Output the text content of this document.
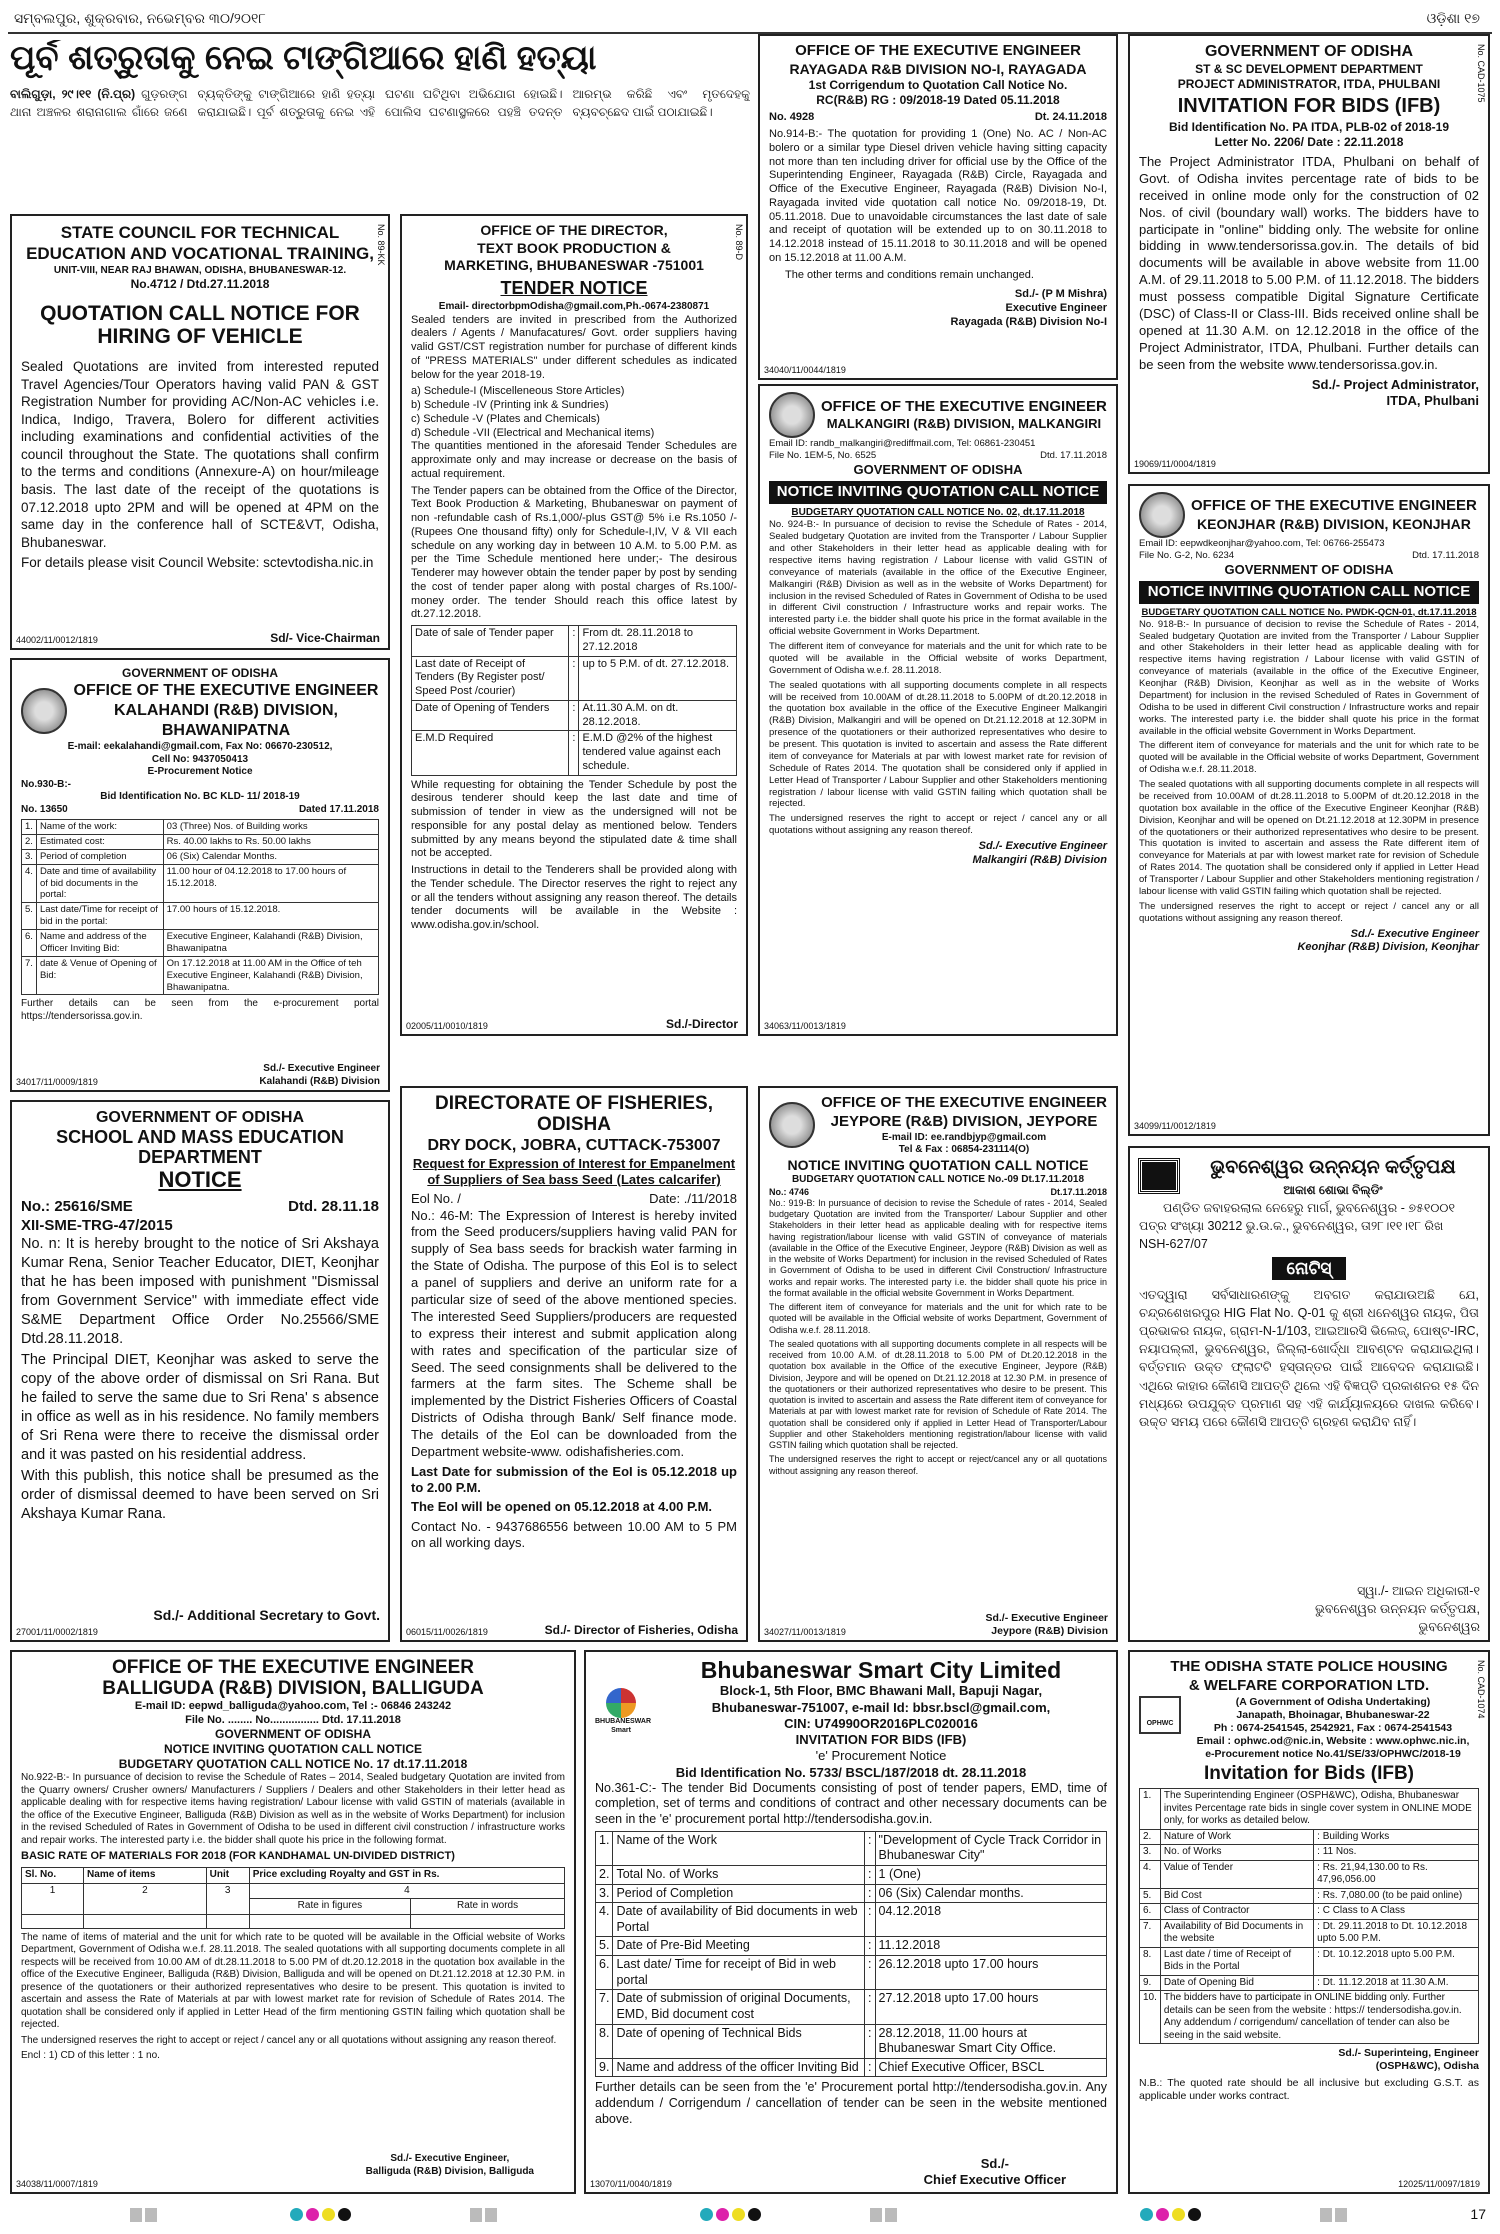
ସମ୍ବଲପୁର, ଶୁକ୍ରବାର, ନଭେମ୍ବର ୩୦/୨୦୧୮	ଓଡ଼ିଶା ୧୭
ପୂର୍ବ ଶତ୍ରୁତାକୁ ନେଇ ଟାଙ୍ଗିଆରେ ହାଣି ହତ୍ୟା
ବାଲିଗୁଡ଼ା, ୨୯।୧୧ (ନି.ପ୍ର) ଗୁଡ଼ରଙ୍ଗ ଥାନା ଅଞ୍ଚଳର ଶରାନାଗାଲ ଗାଁରେ ଜଣେ ବ୍ୟକ୍ତିଙ୍କୁ ଟାଙ୍ଗିଆରେ ହାଣି ହତ୍ୟା କରାଯାଇଛି। ପୂର୍ବ ଶତ୍ରୁତାକୁ ନେଇ ଏହି ଘଟଣା ଘଟିଥିବା ଅଭିଯୋଗ ହୋଇଛି। ପୋଲିସ ଘଟଣାସ୍ଥଳରେ ପହଞ୍ଚି ତଦନ୍ତ ଆରମ୍ଭ କରିଛି ଏବଂ ମୃତଦେହକୁ ବ୍ୟବଚ୍ଛେଦ ପାଇଁ ପଠାଯାଇଛି।
STATE COUNCIL FOR TECHNICAL
EDUCATION AND VOCATIONAL TRAINING,
UNIT-VIII, NEAR RAJ BHAWAN, ODISHA, BHUBANESWAR-12.
No.4712 / Dtd.27.11.2018
QUOTATION CALL NOTICE FOR HIRING OF VEHICLE

Sealed Quotations are invited from interested reputed Travel Agencies/Tour Operators having valid PAN & GST Registration Number for providing AC/Non-AC vehicles i.e. Indica, Indigo, Travera, Bolero for different activities including examinations and confidential activities of the council throughout the State. The quotations shall confirm to the terms and conditions (Annexure-A) on hour/mileage basis. The last date of the receipt of the quotations is 07.12.2018 upto 2PM and will be opened at 4PM on the same day in the conference hall of SCTE&VT, Odisha, Bhubaneswar.

For details please visit Council Website: sctevtodisha.nic.in

44002/11/0012/1819	Sd/- Vice-Chairman
No. 89-KK	OFFICE OF THE DIRECTOR,
TEXT BOOK PRODUCTION &
MARKETING, BHUBANESWAR -751001
TENDER NOTICE
Email- directorbpmOdisha@gmail.com,Ph.-0674-2380871

Sealed tenders are invited in prescribed from the Authorized dealers / Agents / Manufacatures/ Govt. order suppliers having valid GST/CST registration number for purchase of different kinds of "PRESS MATERIALS" under different schedules as indicated below for the year 2018-19.

a) Schedule-I (Miscelleneous Store Articles)
b) Schedule -IV (Printing ink & Sundries)
c) Schedule -V (Plates and Chemicals)
d) Schedule -VII (Electrical and Mechanical items)

The quantities mentioned in the aforesaid Tender Schedules are approximate only and may increase or decrease on the basis of actual requirement.

The Tender papers can be obtained from the Office of the Director, Text Book Production & Marketing, Bhubaneswar on payment of non -refundable cash of Rs.1,000/-plus GST@ 5% i.e Rs.1050 /- (Rupees One thousand fifty) only for Schedule-I,IV, V & VII each schedule on any working day in between 10 A.M. to 5.00 P.M. as per the Time Schedule mentioned here under;- The desirous Tenderer may however obtain the tender paper by post by sending the cost of tender paper along with postal charges of Rs.100/- money order. The tender Should reach this office latest by dt.27.12.2018.

Date of sale of Tender paper	:	From dt. 28.11.2018 to 27.12.2018
Last date of Receipt of Tenders (By Register post/ Speed Post /courier)	:	up to 5 P.M. of dt. 27.12.2018.
Date of Opening of Tenders	:	At.11.30 A.M. on dt. 28.12.2018.
E.M.D Required	:	E.M.D @2% of the highest tendered value against each schedule.

While requesting for obtaining the Tender Schedule by post the desirous tenderer should keep the last date and time of submission of tender in view as the undersigned will not be responsible for any postal delay as mentioned below. Tenders submitted by any means beyond the stipulated date & time shall not be accepted.

Instructions in detail to the Tenderers shall be provided along with the Tender schedule. The Director reserves the right to reject any or all the tenders without assigning any reason thereof. The details tender documents will be available in the Website : www.odisha.gov.in/school.

02005/11/0010/1819	Sd./-Director
No. 89-D
OFFICE OF THE EXECUTIVE ENGINEER
RAYAGADA R&B DIVISION NO-I, RAYAGADA
1st Corrigendum to Quotation Call Notice No.
RC(R&B) RG : 09/2018-19 Dated 05.11.2018
No. 4928	Dt. 24.11.2018

No.914-B:- The quotation for providing 1 (One) No. AC / Non-AC bolero or a similar type Diesel driven vehicle having sitting capacity not more than ten including driver for official use by the Office of the Superintending Engineer, Rayagada (R&B) Circle, Rayagada and Office of the Executive Engineer, Rayagada (R&B) Division No-I, Rayagada invited vide quotation call notice No. 09/2018-19, Dt. 05.11.2018. Due to unavoidable circumstances the last date of sale and receipt of quotation will be extended up to on 30.11.2018 to 14.12.2018 instead of 15.11.2018 to 30.11.2018 and will be opened on 15.12.2018 at 11.00 A.M.

The other terms and conditions remain unchanged.

Sd./- (P M Mishra)
Executive Engineer
Rayagada (R&B) Division No-I
34040/11/0044/1819
GOVERNMENT OF ODISHA
ST & SC DEVELOPMENT DEPARTMENT
PROJECT ADMINISTRATOR, ITDA, PHULBANI
INVITATION FOR BIDS (IFB)
Bid Identification No. PA ITDA, PLB-02 of 2018-19
Letter No. 2206/ Date : 22.11.2018

The Project Administrator ITDA, Phulbani on behalf of Govt. of Odisha invites percentage rate of bids to be received in online mode only for the construction of 02 Nos. of civil (boundary wall) works. The bidders have to participate in "online" bidding only. The website for online bidding in www.tendersorissa.gov.in. The details of bid documents will be available in above website from 11.00 A.M. of 29.11.2018 to 5.00 P.M. of 11.12.2018. The bidders must possess compatible Digital Signature Certificate (DSC) of Class-II or Class-III. Bids received online shall be opened at 11.30 A.M. on 12.12.2018 in the office of the Project Administrator, ITDA, Phulbani. Further details can be seen from the website www.tendersorissa.gov.in.

Sd./- Project Administrator,
ITDA, Phulbani
19069/11/0004/1819
No. CAD-1075
OFFICE OF THE EXECUTIVE ENGINEER
MALKANGIRI (R&B) DIVISION, MALKANGIRI
Email ID: randb_malkangiri@rediffmail.com, Tel: 06861-230451
File No. 1EM-5, No. 6525	Dtd. 17.11.2018
GOVERNMENT OF ODISHA
NOTICE INVITING QUOTATION CALL NOTICE
BUDGETARY QUOTATION CALL NOTICE No. 02, dt.17.11.2018

No. 924-B:- In pursuance of decision to revise the Schedule of Rates - 2014, Sealed budgetary Quotation are invited from the Transporter / Labour Supplier and other Stakeholders in their letter head as applicable dealing with for respective items having registration / Labour license with valid GSTIN of conveyance of materials (available in the office of the Executive Engineer, Malkangiri (R&B) Division as well as in the website of Works Department) for inclusion in the revised Scheduled of Rates in Government of Odisha to be used in different Civil construction / Infrastructure works and repair works. The interested party i.e. the bidder shall quote his price in the format available in the official website Government in Works Department.

The different item of conveyance for materials and the unit for which rate to be quoted will be available in the Official website of works Department, Government of Odisha w.e.f. 28.11.2018.

The sealed quotations with all supporting documents complete in all respects will be received from 10.00AM of dt.28.11.2018 to 5.00PM of dt.20.12.2018 in the quotation box available in the office of the Executive Engineer Malkangiri (R&B) Division, Malkangiri and will be opened on Dt.21.12.2018 at 12.30PM in presence of the quotationers or their authorized representatives who desire to be present. This quotation is invited to ascertain and assess the Rate different item of conveyance for Materials at par with lowest market rate for revision of Schedule of Rates 2014. The quotation shall be considered only if applied in Letter Head of Transporter / Labour Supplier and other Stakeholders mentioning registration / labour license with valid GSTIN failing which quotation shall be rejected.

The undersigned reserves the right to accept or reject / cancel any or all quotations without assigning any reason thereof.

Sd./- Executive Engineer
Malkangiri (R&B) Division
34063/11/0013/1819
OFFICE OF THE EXECUTIVE ENGINEER
KEONJHAR (R&B) DIVISION, KEONJHAR
Email ID: eepwdkeonjhar@yahoo.com, Tel: 06766-255473
File No. G-2, No. 6234	Dtd. 17.11.2018
GOVERNMENT OF ODISHA
NOTICE INVITING QUOTATION CALL NOTICE
BUDGETARY QUOTATION CALL NOTICE No. PWDK-QCN-01, dt.17.11.2018

No. 918-B:- In pursuance of decision to revise the Schedule of Rates - 2014, Sealed budgetary Quotation are invited from the Transporter / Labour Supplier and other Stakeholders in their letter head as applicable dealing with for respective items having registration / Labour license with valid GSTIN of conveyance of materials (available in the office of the Executive Engineer, Keonjhar (R&B) Division, Keonjhar as well as in the website of Works Department) for inclusion in the revised Scheduled of Rates in Government of Odisha to be used in different Civil construction / Infrastructure works and repair works. The interested party i.e. the bidder shall quote his price in the format available in the official website Government in Works Department.

The different item of conveyance for materials and the unit for which rate to be quoted will be available in the Official website of works Department, Government of Odisha w.e.f. 28.11.2018.

The sealed quotations with all supporting documents complete in all respects will be received from 10.00AM of dt.28.11.2018 to 5.00PM of dt.20.12.2018 in the quotation box available in the office of the Executive Engineer Keonjhar (R&B) Division, Keonjhar and will be opened on Dt.21.12.2018 at 12.30PM in presence of the quotationers or their authorized representatives who desire to be present. This quotation is invited to ascertain and assess the Rate different item of conveyance for Materials at par with lowest market rate for revision of Schedule of Rates 2014. The quotation shall be considered only if applied in Letter Head of Transporter / Labour Supplier and other Stakeholders mentioning registration / labour license with valid GSTIN failing which quotation shall be rejected.

The undersigned reserves the right to accept or reject / cancel any or all quotations without assigning any reason thereof.

Sd./- Executive Engineer
Keonjhar (R&B) Division, Keonjhar
34099/11/0012/1819
GOVERNMENT OF ODISHA
OFFICE OF THE EXECUTIVE ENGINEER
KALAHANDI (R&B) DIVISION,
BHAWANIPATNA
E-mail: eekalahandi@gmail.com, Fax No: 06670-230512,
Cell No: 9437050413
E-Procurement Notice
No.930-B:-
Bid Identification No. BC KLD- 11/ 2018-19
No. 13650	Dated 17.11.2018
1.	Name of the work:	03 (Three) Nos. of Building works
2.	Estimated cost:	Rs. 40.00 lakhs to Rs. 50.00 lakhs
3.	Period of completion	06 (Six) Calendar Months.
4.	Date and time of availability of bid documents in the portal:	11.00 hour of 04.12.2018 to 17.00 hours of 15.12.2018.
5.	Last date/Time for receipt of bid in the portal:	17.00 hours of 15.12.2018.
6.	Name and address of the Officer Inviting Bid:	Executive Engineer, Kalahandi (R&B) Division, Bhawanipatna
7.	date & Venue of Opening of Bid:	On 17.12.2018 at 11.00 AM in the Office of teh Executive Engineer, Kalahandi (R&B) Division, Bhawanipatna.

Further details can be seen from the e-procurement portal https://tendersorissa.gov.in.

Sd./- Executive Engineer
Kalahandi (R&B) Division
34017/11/0009/1819
GOVERNMENT OF ODISHA
SCHOOL AND MASS EDUCATION DEPARTMENT
NOTICE
No.: 25616/SME	Dtd. 28.11.18
XII-SME-TRG-47/2015

No. n: It is hereby brought to the notice of Sri Akshaya Kumar Rena, Senior Teacher Educator, DIET, Keonjhar that he has been imposed with punishment "Dismissal from Government Service" with immediate effect vide S&ME Department Office Order No.25566/SME Dtd.28.11.2018.

The Principal DIET, Keonjhar was asked to serve the copy of the above order of dismissal on Sri Rana. But he failed to serve the same due to Sri Rena' s absence in office as well as in his residence. No family members of Sri Rena were there to receive the dismissal order and it was pasted on his residential address.

With this publish, this notice shall be presumed as the order of dismissal deemed to have been served on Sri Akshaya Kumar Rana.

Sd./- Additional Secretary to Govt.
27001/11/0002/1819
DIRECTORATE OF FISHERIES, ODISHA
DRY DOCK, JOBRA, CUTTACK-753007
Request for Expression of Interest for Empanelment
of Suppliers of Sea bass Seed (Lates calcarifer)
Eol No. /	Date: ./11/2018

No.: 46-M: The Expression of Interest is hereby invited from the Seed producers/suppliers having valid PAN for supply of Sea bass seeds for brackish water farming in the State of Odisha. The purpose of this EoI is to select a panel of suppliers and derive an uniform rate for a particular size of seed of the above mentioned species. The interested Seed Suppliers/producers are requested to express their interest and submit application along with rates and specification of the particular size of Seed. The seed consignments shall be delivered to the farmers at the farm sites. The Scheme shall be implemented by the District Fisheries Officers of Coastal Districts of Odisha through Bank/ Self finance mode. The details of the EoI can be downloaded from the Department website-www. odishafisheries.com.

Last Date for submission of the EoI is 05.12.2018 up to 2.00 P.M.

The EoI will be opened on 05.12.2018 at 4.00 P.M.

Contact No. - 9437686556 between 10.00 AM to 5 PM on all working days.

Sd./- Director of Fisheries, Odisha
06015/11/0026/1819
OFFICE OF THE EXECUTIVE ENGINEER
JEYPORE (R&B) DIVISION, JEYPORE
E-mail ID: ee.randbjyp@gmail.com
Tel & Fax : 06854-231114(O)
NOTICE INVITING QUOTATION CALL NOTICE
BUDGETARY QUOTATION CALL NOTICE No.-09 Dt.17.11.2018
No.: 4746	Dt.17.11.2018

No.: 919-B: In pursuance of decision to revise the Schedule of rates - 2014, Sealed budgetary Quotation are invited from the Transporter/ Labour Supplier and other Stakeholders in their letter head as applicable dealing with for respective items having registration/labour license with valid GSTIN of conveyance of materials (available in the Office of the Executive Engineer, Jeypore (R&B) Division as well as in the website of Works Department) for inclusion in the revised Scheduled of Rates in Government of Odisha to be used in different Civil Construction/ Infrastructure works and repair works. The interested party i.e. the bidder shall quote his price in the format available in the official website Government in Works Department.

The different item of conveyance for materials and the unit for which rate to be quoted will be available in the Official website of works Department, Government of Odisha w.e.f. 28.11.2018.

The sealed quotations with all supporting documents complete in all respects will be received from 10.00 A.M. of dt.28.11.2018 to 5.00 PM of Dt.20.12.2018 in the quotation box available in the Office of the executive Engineer, Jeypore (R&B) Division, Jeypore and will be opened on Dt.21.12.2018 at 12.30 P.M. in presence of the quotationers or their authorized representatives who desire to be present. This quotation is invited to ascertain and assess the Rate different item of conveyance for Materials at par with lowest market rate for revision of Schedule of Rate 2014. The quotation shall be considered only if applied in Letter Head of Transporter/Labour Supplier and other Stakeholders mentioning registration/labour license with valid GSTIN failing which quotation shall be rejected.

The undersigned reserves the right to accept or reject/cancel any or all quotations without assigning any reason thereof.

Sd./- Executive Engineer
Jeypore (R&B) Division
34027/11/0013/1819
ଭୁବନେଶ୍ୱର ଉନ୍ନୟନ କର୍ତ୍ତୃପକ୍ଷ
ଆକାଶ ଶୋଭା ବିଲ୍ଡିଂ
ପଣ୍ଡିତ ଜବାହରଲାଲ ନେହେରୁ ମାର୍ଗ, ଭୁବନେଶ୍ୱର - ୭୫୧୦୦୧
ପତ୍ର ସଂଖ୍ୟା 30212 ଭୁ.ଉ.କ., ଭୁବନେଶ୍ୱର, ତା୨୮।୧୧।୧୮ ରିଖ
NSH-627/07
ନୋଟିସ୍

ଏତଦ୍ୱାରା ସର୍ବସାଧାରଣଙ୍କୁ ଅବଗତ କରାଯାଉଅଛି ଯେ, ଚନ୍ଦ୍ରଶେଖରପୁର HIG Flat No. Q-01 କୁ ଶ୍ରୀ ଧନେଶ୍ୱର ନାୟକ, ପିତା ପ୍ରଭାକର ନାୟକ, ଗ୍ରାମ-N-1/103, ଆଇଆରସି ଭିଲେଜ୍, ପୋଷ୍ଟ-IRC, ନୟାପଲ୍ଲୀ, ଭୁବନେଶ୍ୱର, ଜିଲ୍ଲା-ଖୋର୍ଦ୍ଧା ଆବଣ୍ଟନ କରାଯାଇଥିଲା। ବର୍ତ୍ତମାନ ଉକ୍ତ ଫ୍ଲାଟଟି ହସ୍ତାନ୍ତର ପାଇଁ ଆବେଦନ କରାଯାଇଛି। ଏଥିରେ କାହାର କୌଣସି ଆପତ୍ତି ଥିଲେ ଏହି ବିଜ୍ଞପ୍ତି ପ୍ରକାଶନର ୧୫ ଦିନ ମଧ୍ୟରେ ଉପଯୁକ୍ତ ପ୍ରମାଣ ସହ ଏହି କାର୍ଯ୍ୟାଳୟରେ ଦାଖଲ କରିବେ। ଉକ୍ତ ସମୟ ପରେ କୌଣସି ଆପତ୍ତି ଗ୍ରହଣ କରାଯିବ ନାହିଁ।

ସ୍ୱା./- ଆଇନ ଅଧିକାରୀ-୧
ଭୁବନେଶ୍ୱର ଉନ୍ନୟନ କର୍ତ୍ତୃପକ୍ଷ,
ଭୁବନେଶ୍ୱର
OFFICE OF THE EXECUTIVE ENGINEER
BALLIGUDA (R&B) DIVISION, BALLIGUDA
E-mail ID: eepwd_balliguda@yahoo.com, Tel :- 06846 243242
File No. ........ No................ Dtd. 17.11.2018
GOVERNMENT OF ODISHA
NOTICE INVITING QUOTATION CALL NOTICE
BUDGETARY QUOTATION CALL NOTICE No. 17 dt.17.11.2018

No.922-B:- In pursuance of decision to revise the Schedule of Rates – 2014, Sealed budgetary Quotation are invited from the Quarry owners/ Crusher owners/ Manufacturers / Suppliers / Dealers and other Stakeholders in their letter head as applicable dealing with for respective items having registration/ Labour license with valid GSTIN of materials (available in the office of the Executive Engineer, Balliguda (R&B) Division as well as in the website of Works Department) for inclusion in the revised Scheduled of Rates in Government of Odisha to be used in different civil construction / infrastructure works and repair works. The interested party i.e. the bidder shall quote his price in the following format.

BASIC RATE OF MATERIALS FOR 2018 (FOR KANDHAMAL UN-DIVIDED DISTRICT)
Sl. No.	Name of items	Unit	Price excluding Royalty and GST in Rs.	
1	2	3	4	
			Rate in figures	Rate in words

The name of items of material and the unit for which rate to be quoted will be available in the Official website of Works Department, Government of Odisha w.e.f. 28.11.2018. The sealed quotations with all supporting documents complete in all respects will be received from 10.00 AM of dt.28.11.2018 to 5.00 PM of dt.20.12.2018 in the quotation box available in the office of the Executive Engineer, Balliguda (R&B) Division, Balliguda and will be opened on Dt.21.12.2018 at 12.30 P.M. in presence of the quotationers or their authorized representatives who desire to be present. This quotation is invited to ascertain and assess the Rate of Materials at par with lowest market rate for revision of Schedule of Rates 2014. The quotation shall be considered only if applied in Letter Head of the firm mentioning GSTIN failing which quotation shall be rejected.

The undersigned reserves the right to accept or reject / cancel any or all quotations without assigning any reason thereof.

Encl : 1) CD of this letter : 1 no.
Sd./- Executive Engineer,
Balliguda (R&B) Division, Balliguda
34038/11/0007/1819
BHUBANESWAR Smart
Bhubaneswar Smart City Limited
Block-1, 5th Floor, BMC Bhawani Mall, Bapuji Nagar,
Bhubaneswar-751007, e-mail Id: bbsr.bscl@gmail.com,
CIN: U74990OR2016PLC020016
INVITATION FOR BIDS (IFB)
'e' Procurement Notice
Bid Identification No. 5733/ BSCL/187/2018 dt. 28.11.2018

No.361-C:- The tender Bid Documents consisting of post of tender papers, EMD, time of completion, set of terms and conditions of contract and other necessary documents can be seen in the 'e' procurement portal http://tendersodisha.gov.in.

1.	Name of the Work	:	"Development of Cycle Track Corridor in Bhubaneswar City"
2.	Total No. of Works	:	1 (One)
3.	Period of Completion	:	06 (Six) Calendar months.
4.	Date of availability of Bid documents in web Portal	:	04.12.2018
5.	Date of Pre-Bid Meeting	:	11.12.2018
6.	Last date/ Time for receipt of Bid in web portal	:	26.12.2018 upto 17.00 hours
7.	Date of submission of original Documents, EMD, Bid document cost	:	27.12.2018 upto 17.00 hours
8.	Date of opening of Technical Bids	:	28.12.2018, 11.00 hours at Bhubaneswar Smart City Office.
9.	Name and address of the officer Inviting Bid	:	Chief Executive Officer, BSCL

Further details can be seen from the 'e' Procurement portal http://tendersodisha.gov.in. Any addendum / Corrigendum / cancellation of tender can be seen in the website mentioned above.

Sd./-
Chief Executive Officer
13070/11/0040/1819
THE ODISHA STATE POLICE HOUSING
& WELFARE CORPORATION LTD.
OPHWC
(A Government of Odisha Undertaking)
Janapath, Bhoinagar, Bhubaneswar-22
Ph : 0674-2541545, 2542921, Fax : 0674-2541543
Email : ophwc.od@nic.in, Website : www.ophwc.nic.in,
e-Procurement notice No.41/SE/33/OPHWC/2018-19
Invitation for Bids (IFB)
1.	The Superintending Engineer (OSPH&WC), Odisha, Bhubaneswar invites Percentage rate bids in single cover system in ONLINE MODE only, for works as detailed below.	
2.	Nature of Work	: Building Works
3.	No. of Works	: 11 Nos.
4.	Value of Tender	: Rs. 21,94,130.00 to Rs. 47,96,056.00
5.	Bid Cost	: Rs. 7,080.00 (to be paid online)
6.	Class of Contractor	: C Class to A Class
7.	Availability of Bid Documents in the website	: Dt. 29.11.2018 to Dt. 10.12.2018 upto 5.00 P.M.
8.	Last date / time of Receipt of Bids in the Portal	: Dt. 10.12.2018 upto 5.00 P.M.
9.	Date of Opening Bid	: Dt. 11.12.2018 at 11.30 A.M.
10.	The bidders have to participate in ONLINE bidding only. Further details can be seen from the website : https:// tendersodisha.gov.in. Any addendum / corrigendum/ cancellation of tender can also be seeing in the said website.	
Sd./- Superinteing, Engineer
(OSPH&WC), Odisha

N.B.: The quoted rate should be all inclusive but excluding G.S.T. as applicable under works contract.

12025/11/0097/1819
No. CAD-1074
17
